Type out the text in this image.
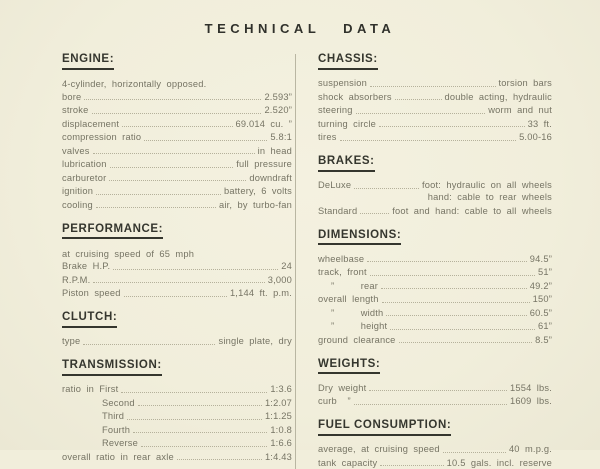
TECHNICAL DATA
ENGINE:
4-cylinder, horizontally opposed.
bore	2.593”
stroke	2.520”
displacement	69.014 cu. ”
compression ratio	5.8:1
valves	in head
lubrication	full pressure
carburetor	downdraft
ignition	battery, 6 volts
cooling	air, by turbo-fan
PERFORMANCE:
at cruising speed of 65 mph
Brake H.P.	24
R.P.M.	3,000
Piston speed	1,144 ft. p.m.
CLUTCH:
type	single plate, dry
TRANSMISSION:
ratio in First	1:3.6
Second	1:2.07
Third	1:1.25
Fourth	1:0.8
Reverse	1:6.6
overall ratio in rear axle	1:4.43
CHASSIS:
suspension	torsion bars
shock absorbers	double acting, hydraulic
steering	worm and nut
turning circle	33 ft.
tires	5.00-16
BRAKES:
DeLuxe	foot: hydraulic on all wheels
hand: cable to rear wheels
Standard	foot and hand: cable to all wheels
DIMENSIONS:
wheelbase	94.5”
track, front	51”
”     rear	49.2”
overall length	150”
”     width	60.5”
”     height	61”
ground clearance	8.5”
WEIGHTS:
Dry weight	1554 lbs.
curb  ”	1609 lbs.
FUEL CONSUMPTION:
average, at cruising speed	40 m.p.g.
tank capacity	10.5 gals. incl. reserve
